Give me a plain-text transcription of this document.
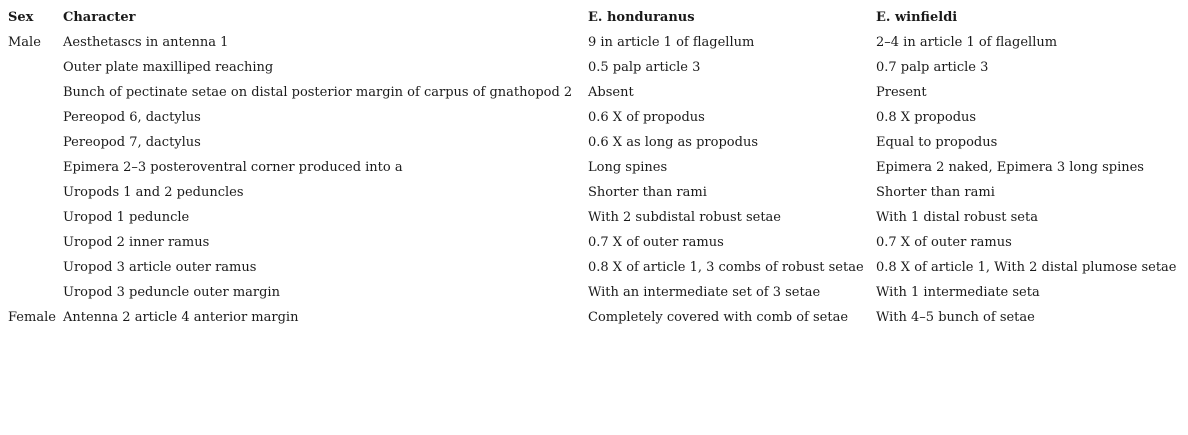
Sex	Character	E. honduranus	E. winfieldi
Male	Aesthetascs in antenna 1	9 in article 1 of flagellum	2–4 in article 1 of flagellum
	Outer plate maxilliped reaching	0.5 palp article 3	0.7 palp article 3
	Bunch of pectinate setae on distal posterior margin of carpus of gnathopod 2	Absent	Present
	Pereopod 6, dactylus	0.6 X of propodus	0.8 X propodus
	Pereopod 7, dactylus	0.6 X as long as propodus	Equal to propodus
	Epimera 2–3 posteroventral corner produced into a	Long spines	Epimera 2 naked, Epimera 3 long spines
	Uropods 1 and 2 peduncles	Shorter than rami	Shorter than rami
	Uropod 1 peduncle	With 2 subdistal robust setae	With 1 distal robust seta
	Uropod 2 inner ramus	0.7 X of outer ramus	0.7 X of outer ramus
	Uropod 3 article outer ramus	0.8 X of article 1, 3 combs of robust setae	0.8 X of article 1, With 2 distal plumose setae
	Uropod 3 peduncle outer margin	With an intermediate set of 3 setae	With 1 intermediate seta
Female	Antenna 2 article 4 anterior margin	Completely covered with comb of setae	With 4–5 bunch of setae
